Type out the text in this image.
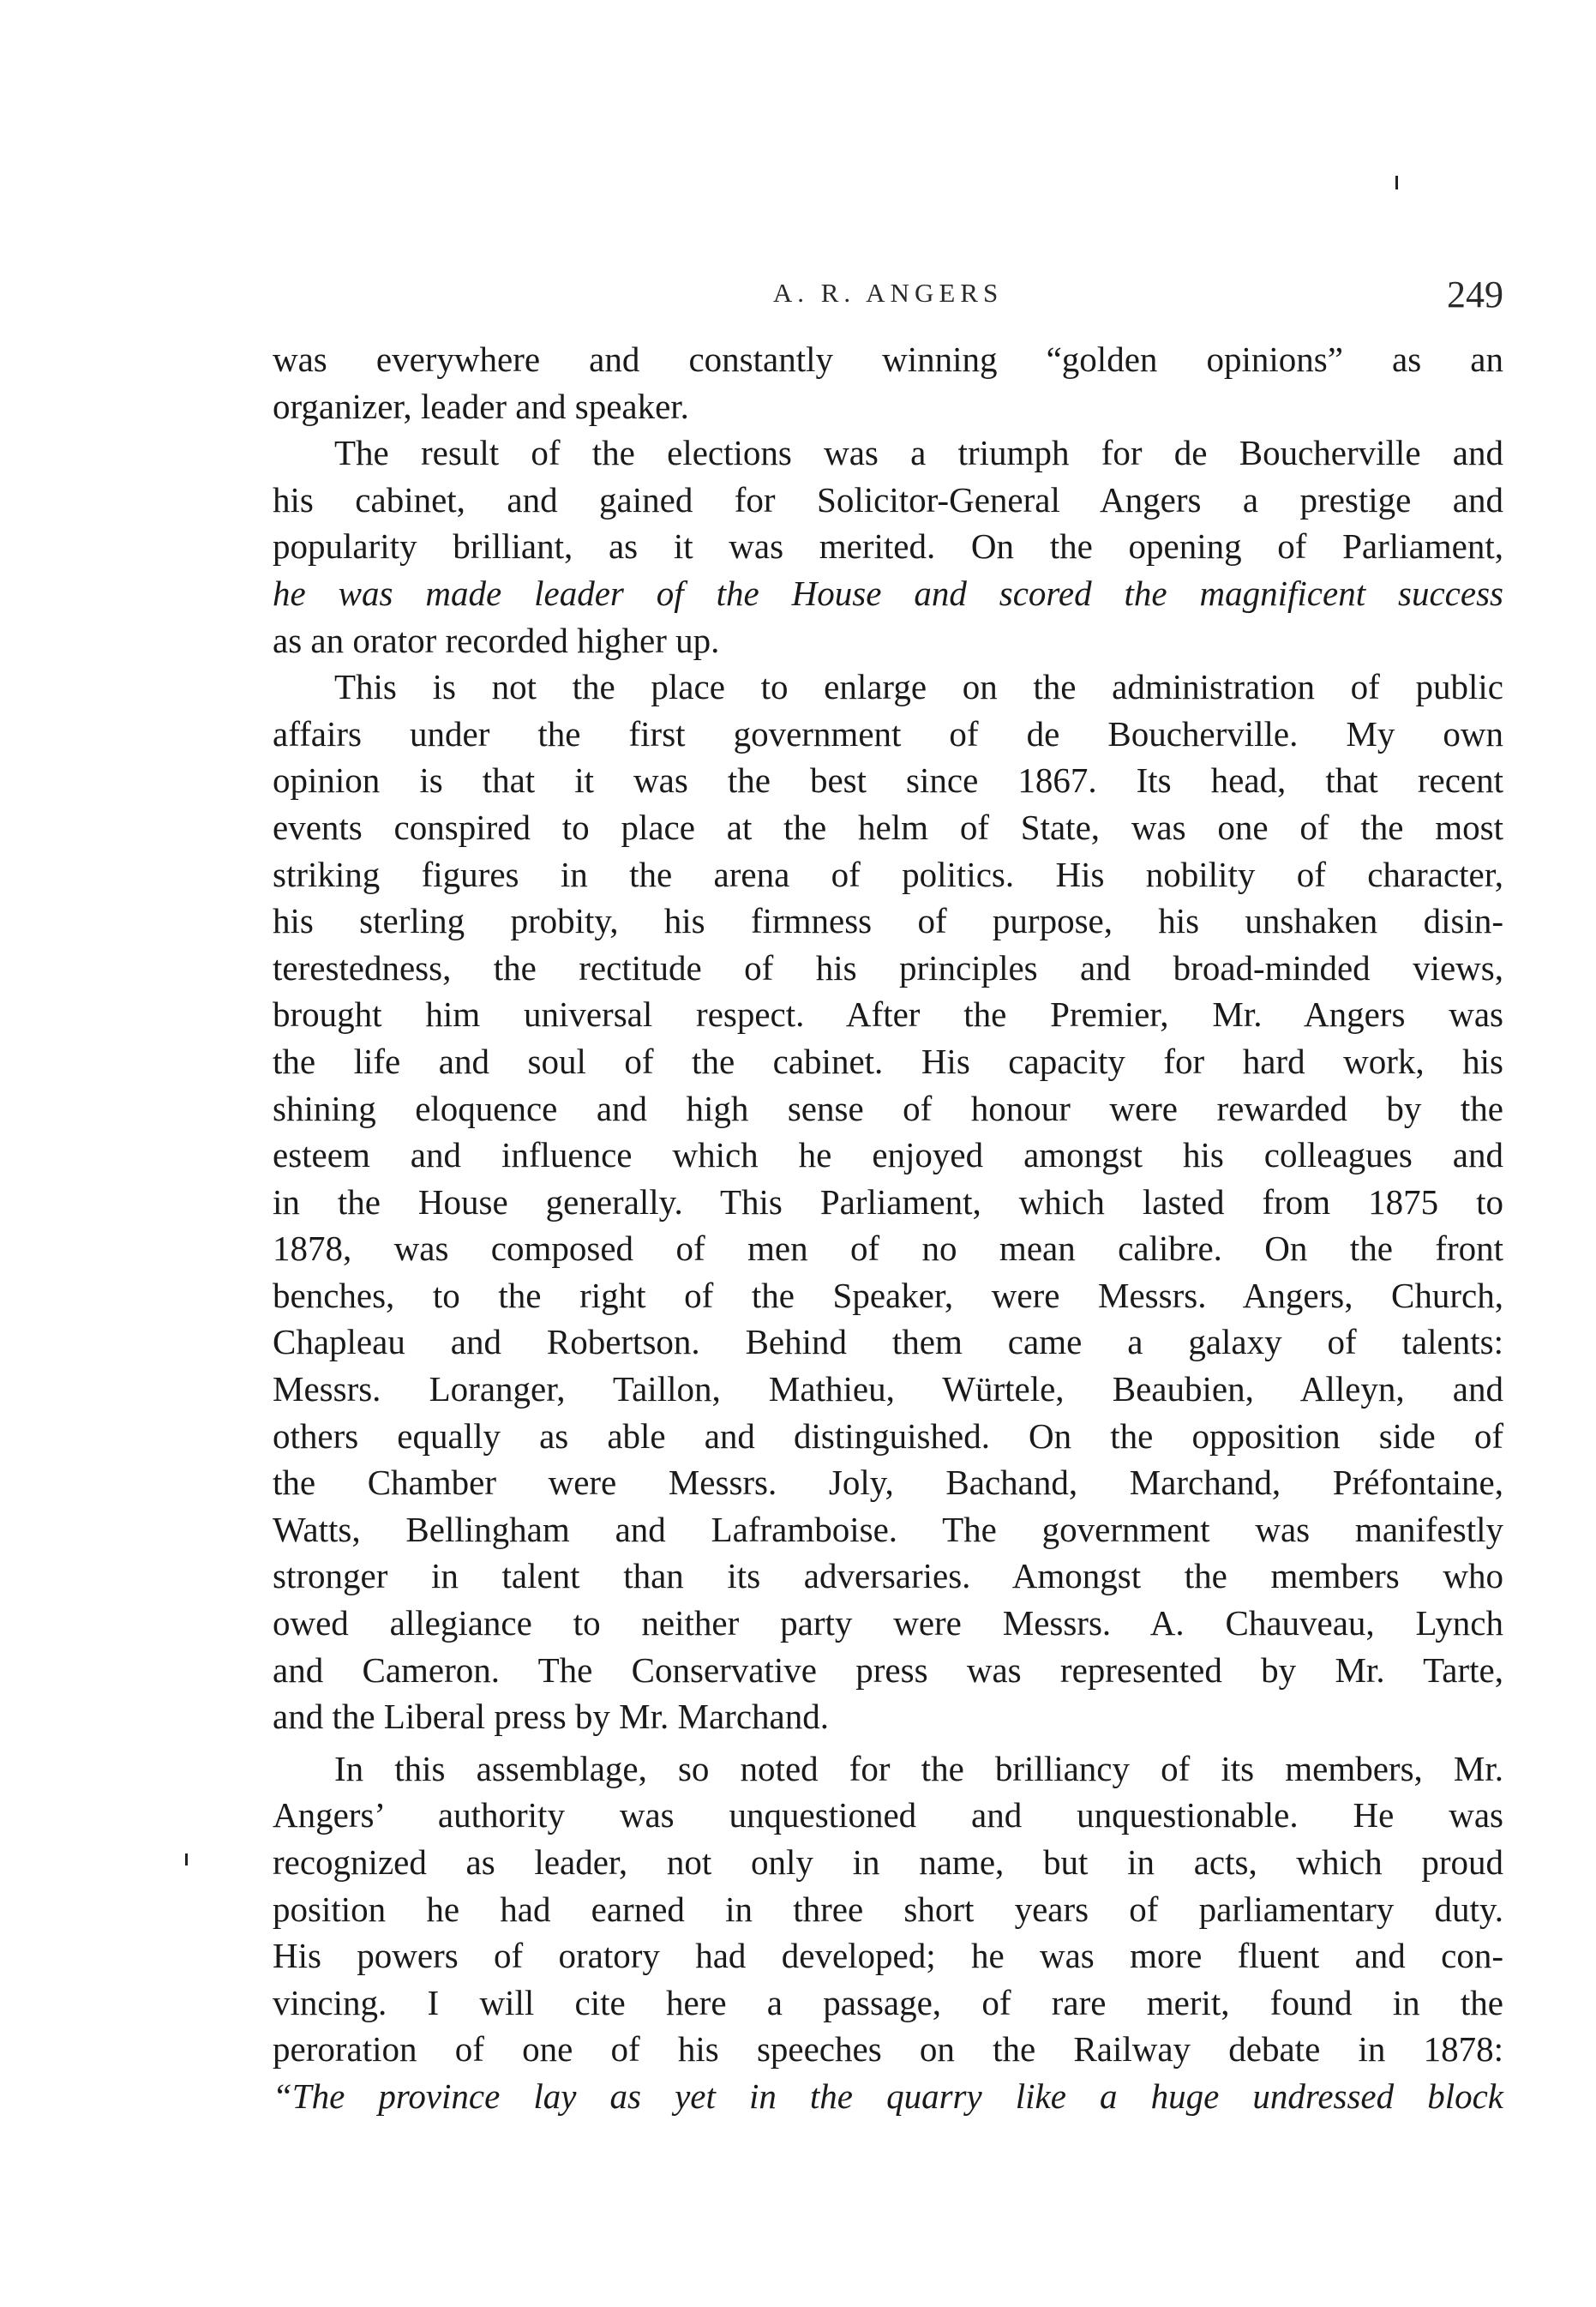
A. R. ANGERS	249
was everywhere and constantly winning “golden opinions” as an
organizer, leader and speaker.
The result of the elections was a triumph for de Boucherville and
his cabinet, and gained for Solicitor-General Angers a prestige and
popularity brilliant, as it was merited. On the opening of Parliament,
he was made leader of the House and scored the magnificent success
as an orator recorded higher up.
This is not the place to enlarge on the administration of public
affairs under the first government of de Boucherville. My own
opinion is that it was the best since 1867. Its head, that recent
events conspired to place at the helm of State, was one of the most
striking figures in the arena of politics. His nobility of character,
his sterling probity, his firmness of purpose, his unshaken disin-
terestedness, the rectitude of his principles and broad-minded views,
brought him universal respect. After the Premier, Mr. Angers was
the life and soul of the cabinet. His capacity for hard work, his
shining eloquence and high sense of honour were rewarded by the
esteem and influence which he enjoyed amongst his colleagues and
in the House generally. This Parliament, which lasted from 1875 to
1878, was composed of men of no mean calibre. On the front
benches, to the right of the Speaker, were Messrs. Angers, Church,
Chapleau and Robertson. Behind them came a galaxy of talents:
Messrs. Loranger, Taillon, Mathieu, Würtele, Beaubien, Alleyn, and
others equally as able and distinguished. On the opposition side of
the Chamber were Messrs. Joly, Bachand, Marchand, Préfontaine,
Watts, Bellingham and Laframboise. The government was manifestly
stronger in talent than its adversaries. Amongst the members who
owed allegiance to neither party were Messrs. A. Chauveau, Lynch
and Cameron. The Conservative press was represented by Mr. Tarte,
and the Liberal press by Mr. Marchand.
In this assemblage, so noted for the brilliancy of its members, Mr.
Angers’ authority was unquestioned and unquestionable. He was
recognized as leader, not only in name, but in acts, which proud
position he had earned in three short years of parliamentary duty.
His powers of oratory had developed; he was more fluent and con-
vincing. I will cite here a passage, of rare merit, found in the
peroration of one of his speeches on the Railway debate in 1878:
“The province lay as yet in the quarry like a huge undressed block
